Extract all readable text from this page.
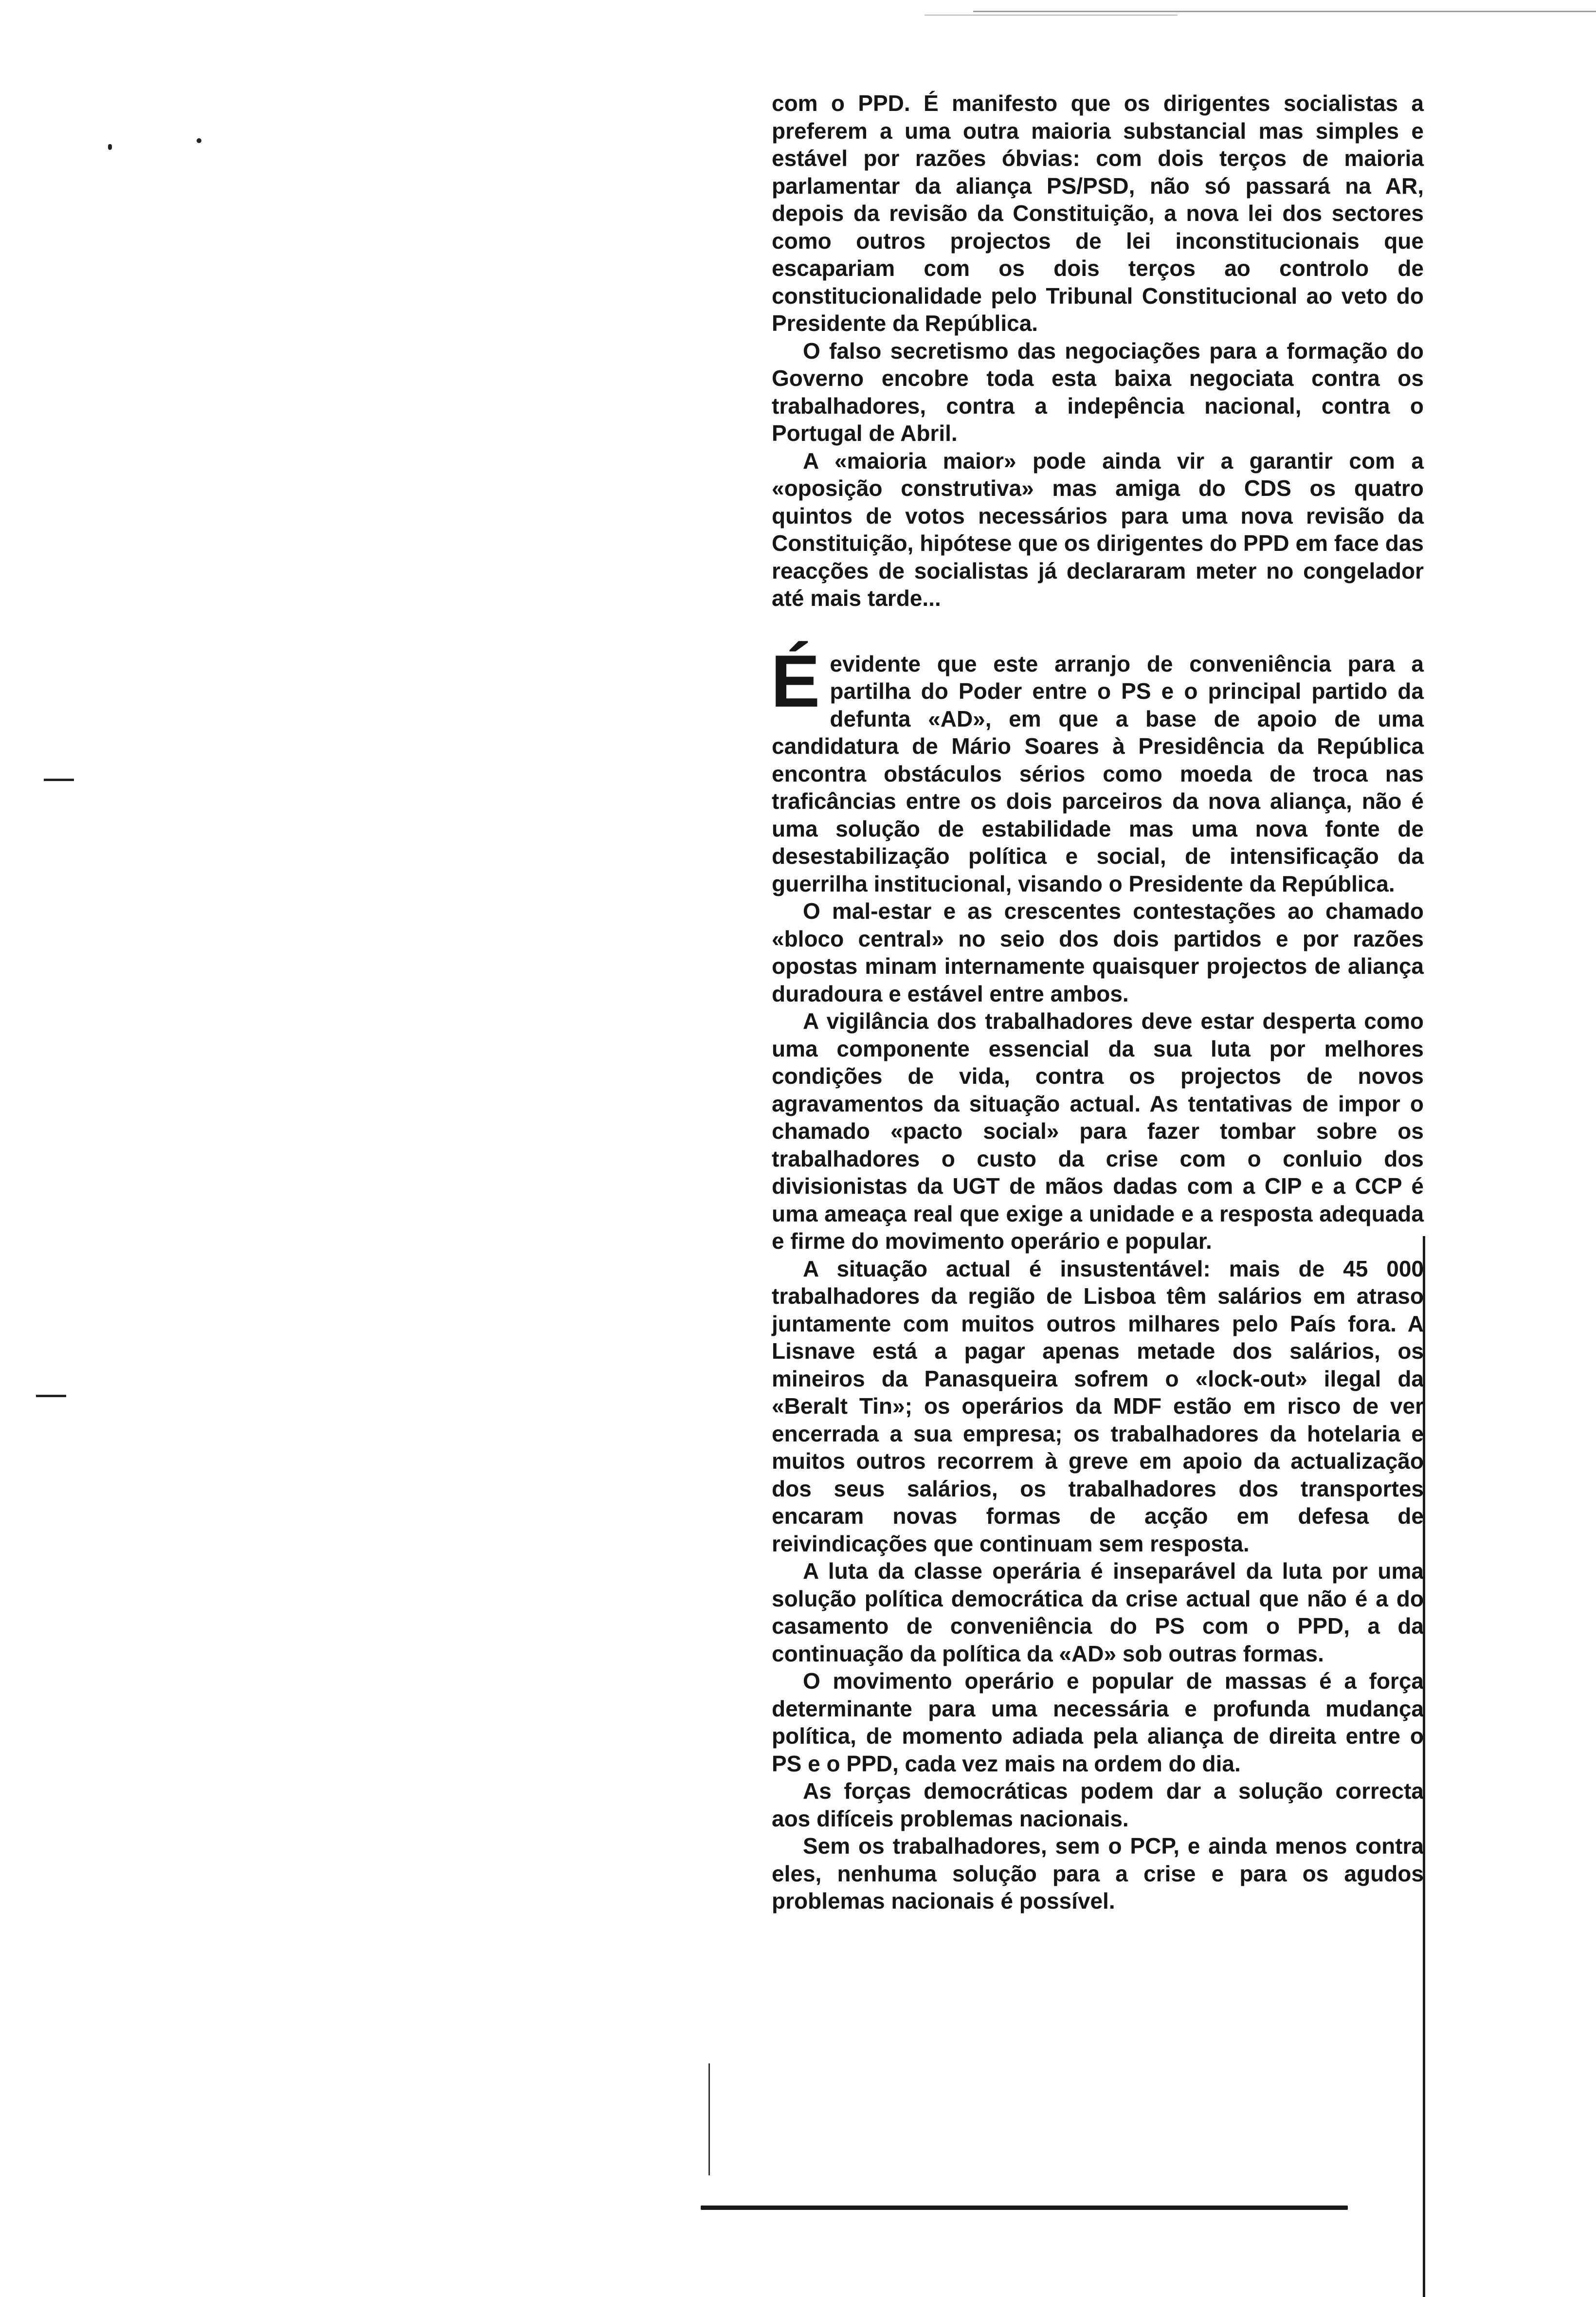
com o PPD. É manifesto que os dirigentes socialistas a preferem a uma outra maioria substancial mas simples e estável por razões óbvias: com dois terços de maioria parlamentar da aliança PS/PSD, não só passará na AR, depois da revisão da Constituição, a nova lei dos sectores como outros projectos de lei inconstitucionais que escapariam com os dois terços ao controlo de constitucionalidade pelo Tribunal Constitucional ao veto do Presidente da República.

O falso secretismo das negociações para a formação do Governo encobre toda esta baixa negociata contra os trabalhadores, contra a indepência nacional, contra o Portugal de Abril.

A «maioria maior» pode ainda vir a garantir com a «oposição construtiva» mas amiga do CDS os quatro quintos de votos necessários para uma nova revisão da Constituição, hipótese que os dirigentes do PPD em face das reacções de socialistas já declararam meter no congelador até mais tarde...

Éevidente que este arranjo de conveniência para a partilha do Poder entre o PS e o principal partido da defunta «AD», em que a base de apoio de uma candidatura de Mário Soares à Presidência da República encontra obstáculos sérios como moeda de troca nas traficâncias entre os dois parceiros da nova aliança, não é uma solução de estabilidade mas uma nova fonte de desestabilização política e social, de intensificação da guerrilha institucional, visando o Presidente da República.

O mal-estar e as crescentes contestações ao chamado «bloco central» no seio dos dois partidos e por razões opostas minam internamente quaisquer projectos de aliança duradoura e estável entre ambos.

A vigilância dos trabalhadores deve estar desperta como uma componente essencial da sua luta por melhores condições de vida, contra os projectos de novos agravamentos da situação actual. As tentativas de impor o chamado «pacto social» para fazer tombar sobre os trabalhadores o custo da crise com o conluio dos divisionistas da UGT de mãos dadas com a CIP e a CCP é uma ameaça real que exige a unidade e a resposta adequada e firme do movimento operário e popular.

A situação actual é insustentável: mais de 45 000 trabalhadores da região de Lisboa têm salários em atraso juntamente com muitos outros milhares pelo País fora. A Lisnave está a pagar apenas metade dos salários, os mineiros da Panasqueira sofrem o «lock-out» ilegal da «Beralt Tin»; os operários da MDF estão em risco de ver encerrada a sua empresa; os trabalhadores da hotelaria e muitos outros recorrem à greve em apoio da actualização dos seus salários, os trabalhadores dos transportes encaram novas formas de acção em defesa de reivindicações que continuam sem resposta.

A luta da classe operária é inseparável da luta por uma solução política democrática da crise actual que não é a do casamento de conveniência do PS com o PPD, a da continuação da política da «AD» sob outras formas.

O movimento operário e popular de massas é a força determinante para uma necessária e profunda mudança política, de momento adiada pela aliança de direita entre o PS e o PPD, cada vez mais na ordem do dia.

As forças democráticas podem dar a solução correcta aos difíceis problemas nacionais.

Sem os trabalhadores, sem o PCP, e ainda menos contra eles, nenhuma solução para a crise e para os agudos problemas nacionais é possível.
